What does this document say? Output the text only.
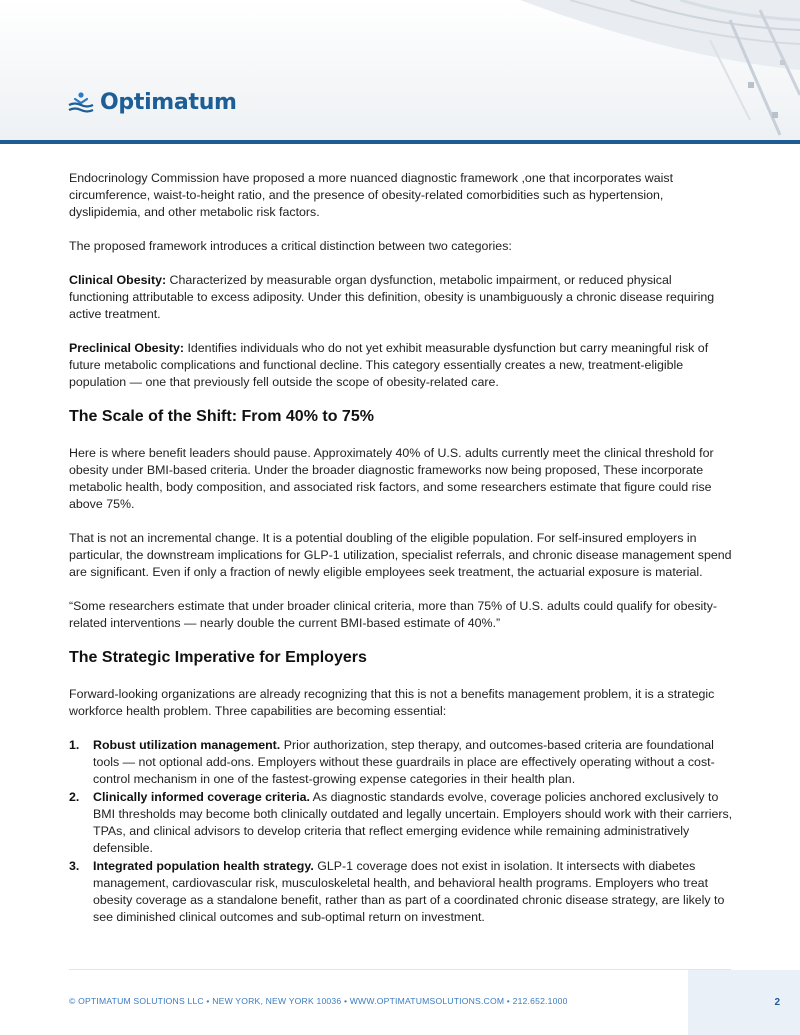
Optimatum

Endocrinology Commission have proposed a more nuanced diagnostic framework ,one that incorporates waist circumference, waist-to-height ratio, and the presence of obesity-related comorbidities such as hypertension, dyslipidemia, and other metabolic risk factors.

The proposed framework introduces a critical distinction between two categories:

Clinical Obesity: Characterized by measurable organ dysfunction, metabolic impairment, or reduced physical functioning attributable to excess adiposity. Under this definition, obesity is unambiguously a chronic disease requiring active treatment.

Preclinical Obesity: Identifies individuals who do not yet exhibit measurable dysfunction but carry meaningful risk of future metabolic complications and functional decline. This category essentially creates a new, treatment-eligible population — one that previously fell outside the scope of obesity-related care.

The Scale of the Shift: From 40% to 75%

Here is where benefit leaders should pause. Approximately 40% of U.S. adults currently meet the clinical threshold for obesity under BMI-based criteria. Under the broader diagnostic frameworks now being proposed, These incorporate metabolic health, body composition, and associated risk factors, and some researchers estimate that figure could rise above 75%.

That is not an incremental change. It is a potential doubling of the eligible population. For self-insured employers in particular, the downstream implications for GLP-1 utilization, specialist referrals, and chronic disease management spend are significant. Even if only a fraction of newly eligible employees seek treatment, the actuarial exposure is material.

“Some researchers estimate that under broader clinical criteria, more than 75% of U.S. adults could qualify for obesity-related interventions — nearly double the current BMI-based estimate of 40%.”

The Strategic Imperative for Employers

Forward-looking organizations are already recognizing that this is not a benefits management problem, it is a strategic workforce health problem. Three capabilities are becoming essential:

1. Robust utilization management. Prior authorization, step therapy, and outcomes-based criteria are foundational tools — not optional add-ons. Employers without these guardrails in place are effectively operating without a cost-control mechanism in one of the fastest-growing expense categories in their health plan.
2. Clinically informed coverage criteria. As diagnostic standards evolve, coverage policies anchored exclusively to BMI thresholds may become both clinically outdated and legally uncertain. Employers should work with their carriers, TPAs, and clinical advisors to develop criteria that reflect emerging evidence while remaining administratively defensible.
3. Integrated population health strategy. GLP-1 coverage does not exist in isolation. It intersects with diabetes management, cardiovascular risk, musculoskeletal health, and behavioral health programs. Employers who treat obesity coverage as a standalone benefit, rather than as part of a coordinated chronic disease strategy, are likely to see diminished clinical outcomes and sub-optimal return on investment.
© OPTIMATUM SOLUTIONS LLC • NEW YORK, NEW YORK 10036 • WWW.OPTIMATUMSOLUTIONS.COM • 212.652.1000	2
